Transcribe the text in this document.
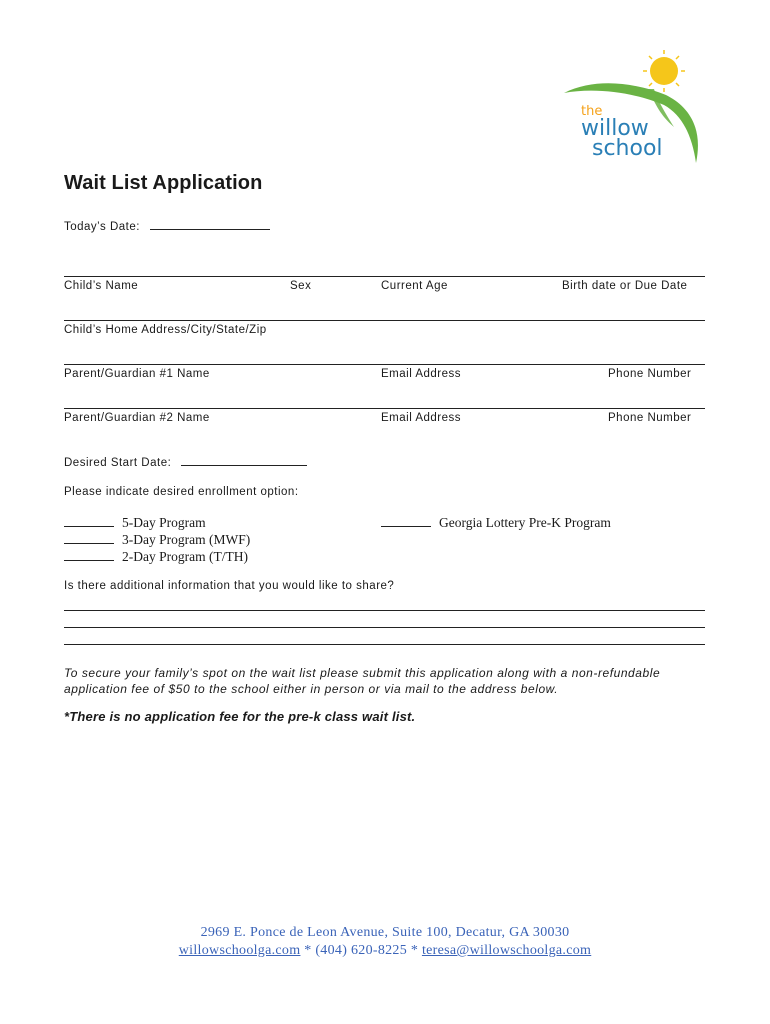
the
willow
school
Wait List Application
Today’s Date:
Child’s Name	Sex	Current Age	Birth date or Due Date
Child’s Home Address/City/State/Zip
Parent/Guardian #1 Name	Email Address	Phone Number
Parent/Guardian #2 Name	Email Address	Phone Number
Desired Start Date:
Please indicate desired enrollment option:
5-Day Program
3-Day Program (MWF)
2-Day Program (T/TH)
Georgia Lottery Pre-K Program
Is there additional information that you would like to share?
To secure your family’s spot on the wait list please submit this application along with a non-refundable application fee of $50 to the school either in person or via mail to the address below.
*There is no application fee for the pre-k class wait list.
2969 E. Ponce de Leon Avenue, Suite 100, Decatur, GA 30030
willowschoolga.com * (404) 620-8225 * teresa@willowschoolga.com
